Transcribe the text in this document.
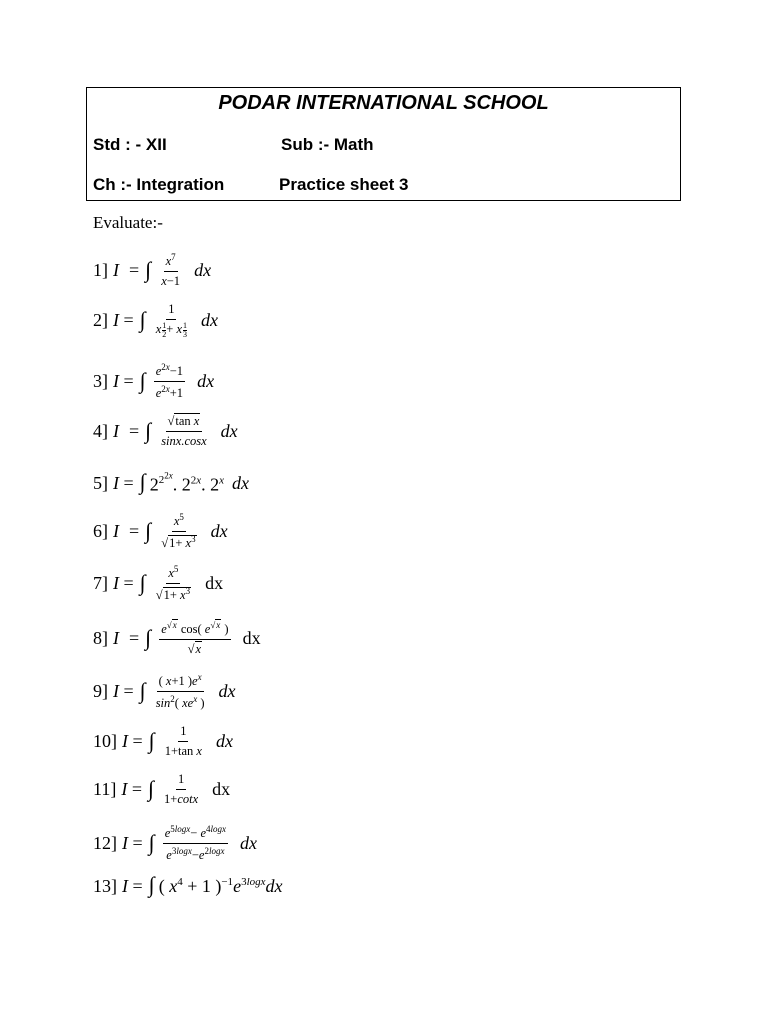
PODAR INTERNATIONAL SCHOOL
Std : - XII	Sub :- Math
Ch :- Integration	Practice sheet 3
Evaluate:-
1] I = ∫ $\frac{x^7}{x-1}$ dx
2] I = ∫ $\frac{1}{x \frac{1}{2} + x \frac{1}{3}}$ dx
3] I = ∫ $\frac{e^{2x}-1}{e^{2x}+1}$ dx
4] I = ∫ $\frac{\text{√tan x}}{\sin x.\cos x}$ dx
5] I = ∫ $2^{2^{2x}}$. $2^{2x}$. 2$^x$ dx
6] I = ∫ $\frac{x^5}{√1+ x^3}$ dx
7] I = ∫ $\frac{x^5}{√1+ x^3}$ dx
8] I = ∫ $\frac{e^{√x} \cos( e^{√x} )}{√x}$ dx
9] I = ∫ $\frac{( x+1 )e^x}{\sin^2( xe^x )}$ dx
10] I = ∫ $\frac{1}{\text{1+tan x}}$ dx
11] I = ∫ $\frac{1}{1+\cot x}$ dx
12] I = ∫ $\frac{e^{5logx}- e^{4logx}}{e^{3logx}-e^{2logx}}$ dx
13] I = ∫ ( $x^4 + 1$ )$^{-1}e^{3logx}dx$
